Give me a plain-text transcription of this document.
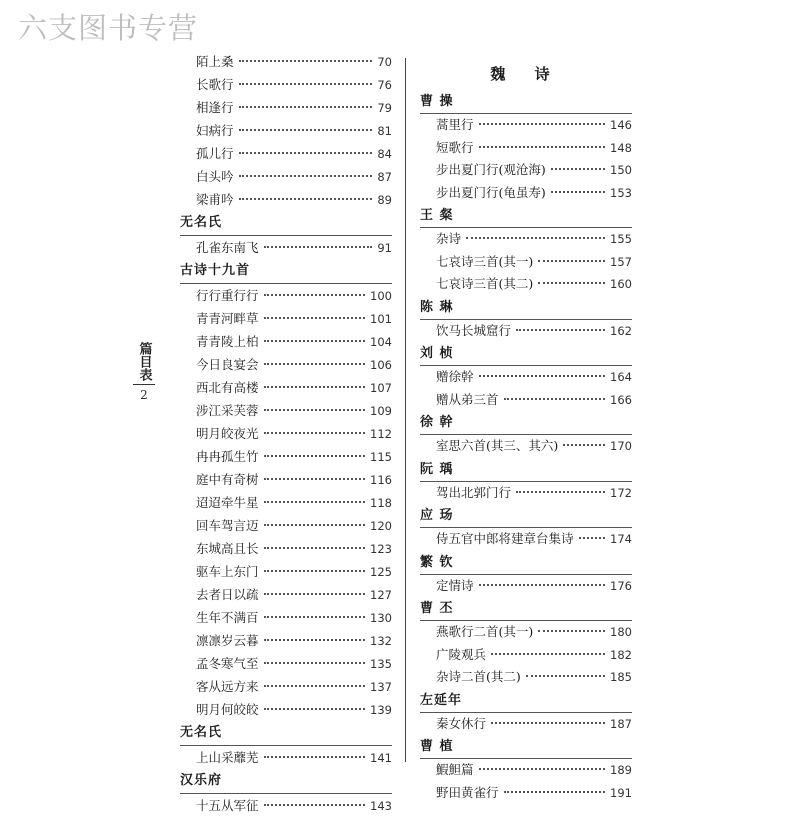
六支图书专营
篇目表
2
陌上桑	70
长歌行	76
相逢行	79
妇病行	81
孤儿行	84
白头吟	87
梁甫吟	89
无名氏
孔雀东南飞	91
古诗十九首
行行重行行	100
青青河畔草	101
青青陵上柏	104
今日良宴会	106
西北有高楼	107
涉江采芙蓉	109
明月皎夜光	112
冉冉孤生竹	115
庭中有奇树	116
迢迢牵牛星	118
回车驾言迈	120
东城高且长	123
驱车上东门	125
去者日以疏	127
生年不满百	130
凛凛岁云暮	132
孟冬寒气至	135
客从远方来	137
明月何皎皎	139
无名氏
上山采蘼芜	141
汉乐府
十五从军征	143
魏 诗
曹 操
蒿里行	146
短歌行	148
步出夏门行(观沧海)	150
步出夏门行(龟虽寿)	153
王 粲
杂诗	155
七哀诗三首(其一)	157
七哀诗三首(其二)	160
陈 琳
饮马长城窟行	162
刘 桢
赠徐幹	164
赠从弟三首	166
徐 幹
室思六首(其三、其六)	170
阮 瑀
驾出北郭门行	172
应 玚
侍五官中郎将建章台集诗	174
繁 钦
定情诗	176
曹 丕
燕歌行二首(其一)	180
广陵观兵	182
杂诗二首(其二)	185
左延年
秦女休行	187
曹 植
鰕䱇篇	189
野田黄雀行	191
